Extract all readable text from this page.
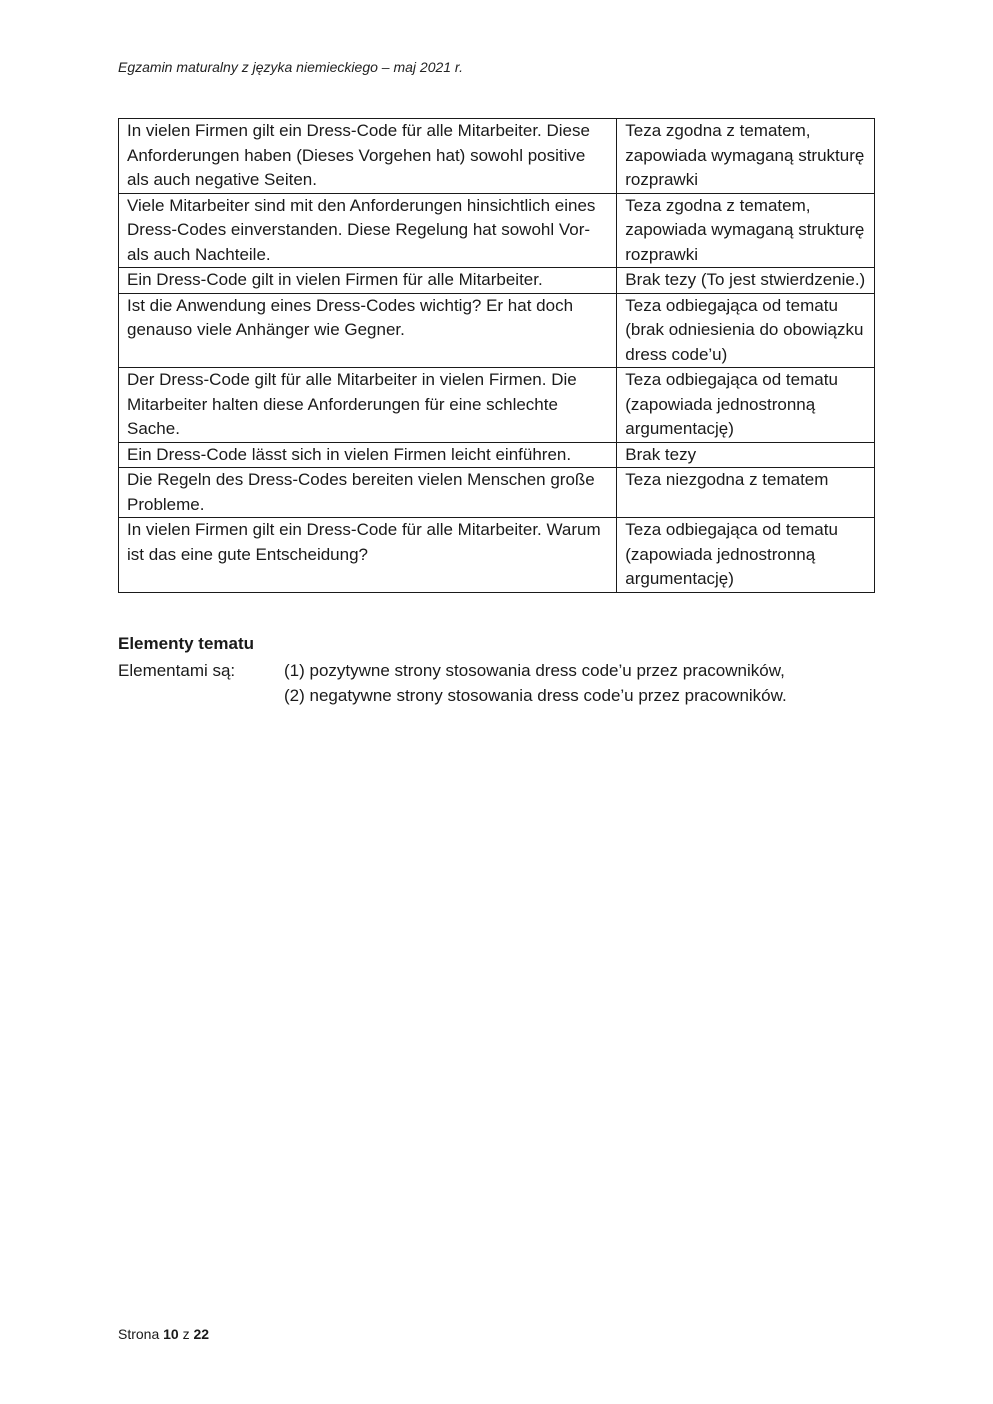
Egzamin maturalny z języka niemieckiego – maj 2021 r.
In vielen Firmen gilt ein Dress-Code für alle Mitarbeiter. Diese Anforderungen haben (Dieses Vorgehen hat) sowohl positive als auch negative Seiten.	Teza zgodna z tematem, zapowiada wymaganą strukturę rozprawki
Viele Mitarbeiter sind mit den Anforderungen hinsichtlich eines Dress-Codes einverstanden. Diese Regelung hat sowohl Vor- als auch Nachteile.	Teza zgodna z tematem, zapowiada wymaganą strukturę rozprawki
Ein Dress-Code gilt in vielen Firmen für alle Mitarbeiter.	Brak tezy (To jest stwierdzenie.)
Ist die Anwendung eines Dress-Codes wichtig? Er hat doch genauso viele Anhänger wie Gegner.	Teza odbiegająca od tematu (brak odniesienia do obowiązku dress code’u)
Der Dress-Code gilt für alle Mitarbeiter in vielen Firmen. Die Mitarbeiter halten diese Anforderungen für eine schlechte Sache.	Teza odbiegająca od tematu (zapowiada jednostronną argumentację)
Ein Dress-Code lässt sich in vielen Firmen leicht einführen.	Brak tezy
Die Regeln des Dress-Codes bereiten vielen Menschen große Probleme.	Teza niezgodna z tematem
In vielen Firmen gilt ein Dress-Code für alle Mitarbeiter. Warum ist das eine gute Entscheidung?	Teza odbiegająca od tematu (zapowiada jednostronną argumentację)
Elementy tematu
Elementami są:	(1) pozytywne strony stosowania dress code’u przez pracowników,
(2) negatywne strony stosowania dress code’u przez pracowników.
Strona 10 z 22
